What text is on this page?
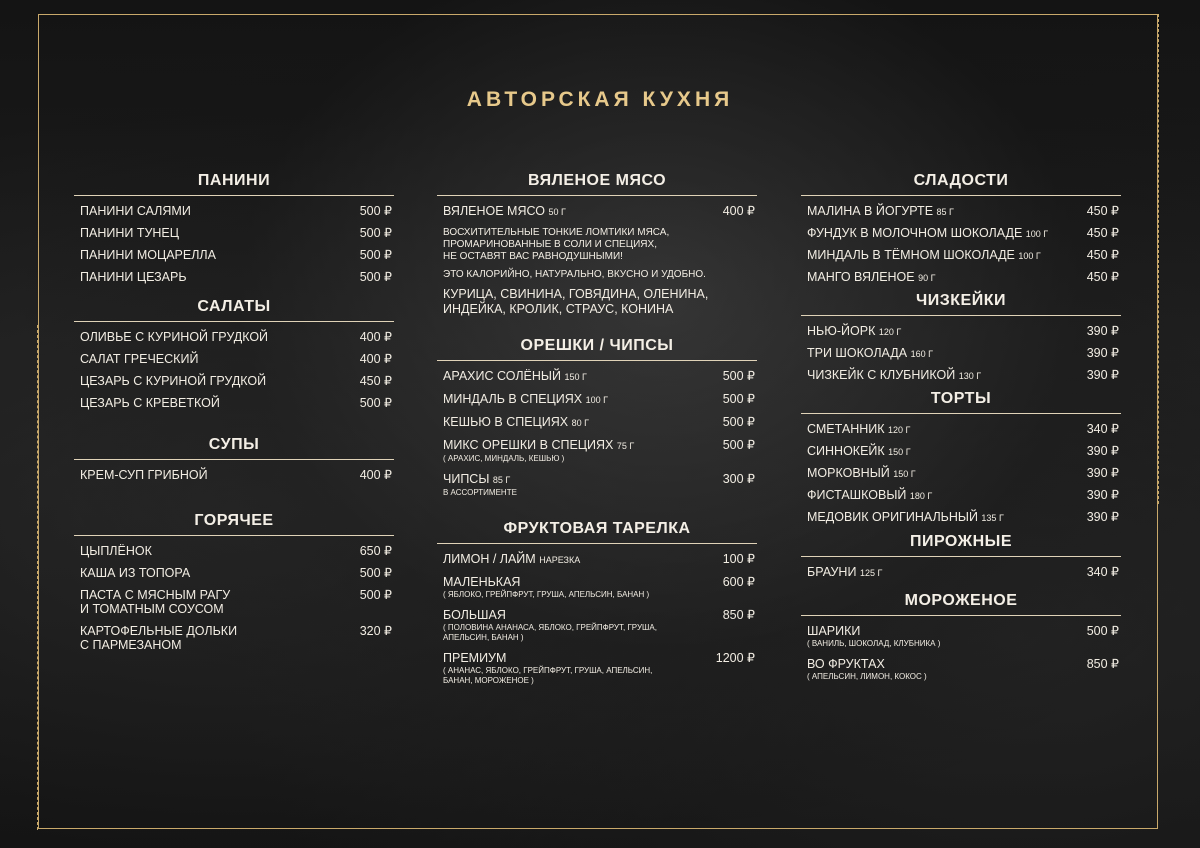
АВТОРСКАЯ КУХНЯ
ПАНИНИ
ПАНИНИ САЛЯМИ	500 ₽
ПАНИНИ ТУНЕЦ	500 ₽
ПАНИНИ МОЦАРЕЛЛА	500 ₽
ПАНИНИ ЦЕЗАРЬ	500 ₽
САЛАТЫ
ОЛИВЬЕ С КУРИНОЙ ГРУДКОЙ	400 ₽
САЛАТ ГРЕЧЕСКИЙ	400 ₽
ЦЕЗАРЬ С КУРИНОЙ ГРУДКОЙ	450 ₽
ЦЕЗАРЬ С КРЕВЕТКОЙ	500 ₽
СУПЫ
КРЕМ-СУП ГРИБНОЙ	400 ₽
ГОРЯЧЕЕ
ЦЫПЛЁНОК	650 ₽
КАША ИЗ ТОПОРА	500 ₽
ПАСТА С МЯСНЫМ РАГУ
И ТОМАТНЫМ СОУСОМ
500 ₽
КАРТОФЕЛЬНЫЕ ДОЛЬКИ
С ПАРМЕЗАНОМ
320 ₽
ВЯЛЕНОЕ МЯСО
ВЯЛЕНОЕ МЯСО 50 Г	400 ₽
ВОСХИТИТЕЛЬНЫЕ ТОНКИЕ ЛОМТИКИ МЯСА,
ПРОМАРИНОВАННЫЕ В СОЛИ И СПЕЦИЯХ,
НЕ ОСТАВЯТ ВАС РАВНОДУШНЫМИ!
ЭТО КАЛОРИЙНО, НАТУРАЛЬНО, ВКУСНО И УДОБНО.
КУРИЦА, СВИНИНА, ГОВЯДИНА, ОЛЕНИНА,
ИНДЕЙКА, КРОЛИК, СТРАУС, КОНИНА
ОРЕШКИ / ЧИПСЫ
АРАХИС СОЛЁНЫЙ 150 Г	500 ₽
МИНДАЛЬ В СПЕЦИЯХ 100 Г	500 ₽
КЕШЬЮ В СПЕЦИЯХ 80 Г	500 ₽
МИКС ОРЕШКИ В СПЕЦИЯХ 75 Г
( АРАХИС, МИНДАЛЬ, КЕШЬЮ )
500 ₽
ЧИПСЫ 85 Г
В АССОРТИМЕНТЕ
300 ₽
ФРУКТОВАЯ ТАРЕЛКА
ЛИМОН / ЛАЙМ НАРЕЗКА	100 ₽
МАЛЕНЬКАЯ
( ЯБЛОКО, ГРЕЙПФРУТ, ГРУША, АПЕЛЬСИН, БАНАН )
600 ₽
БОЛЬШАЯ
( ПОЛОВИНА АНАНАСА, ЯБЛОКО, ГРЕЙПФРУТ, ГРУША,
АПЕЛЬСИН, БАНАН )
850 ₽
ПРЕМИУМ
( АНАНАС, ЯБЛОКО, ГРЕЙПФРУТ, ГРУША, АПЕЛЬСИН,
БАНАН, МОРОЖЕНОЕ )
1200 ₽
СЛАДОСТИ
МАЛИНА В ЙОГУРТЕ 85 Г	450 ₽
ФУНДУК В МОЛОЧНОМ ШОКОЛАДЕ 100 Г	450 ₽
МИНДАЛЬ В ТЁМНОМ ШОКОЛАДЕ 100 Г	450 ₽
МАНГО ВЯЛЕНОЕ 90 Г	450 ₽
ЧИЗКЕЙКИ
НЬЮ-ЙОРК 120 Г	390 ₽
ТРИ ШОКОЛАДА 160 Г	390 ₽
ЧИЗКЕЙК С КЛУБНИКОЙ 130 Г	390 ₽
ТОРТЫ
СМЕТАННИК 120 Г	340 ₽
СИННОКЕЙК 150 Г	390 ₽
МОРКОВНЫЙ 150 Г	390 ₽
ФИСТАШКОВЫЙ 180 Г	390 ₽
МЕДОВИК ОРИГИНАЛЬНЫЙ 135 Г	390 ₽
ПИРОЖНЫЕ
БРАУНИ 125 Г	340 ₽
МОРОЖЕНОЕ
ШАРИКИ
( ВАНИЛЬ, ШОКОЛАД, КЛУБНИКА )
500 ₽
ВО ФРУКТАХ
( АПЕЛЬСИН, ЛИМОН, КОКОС )
850 ₽
